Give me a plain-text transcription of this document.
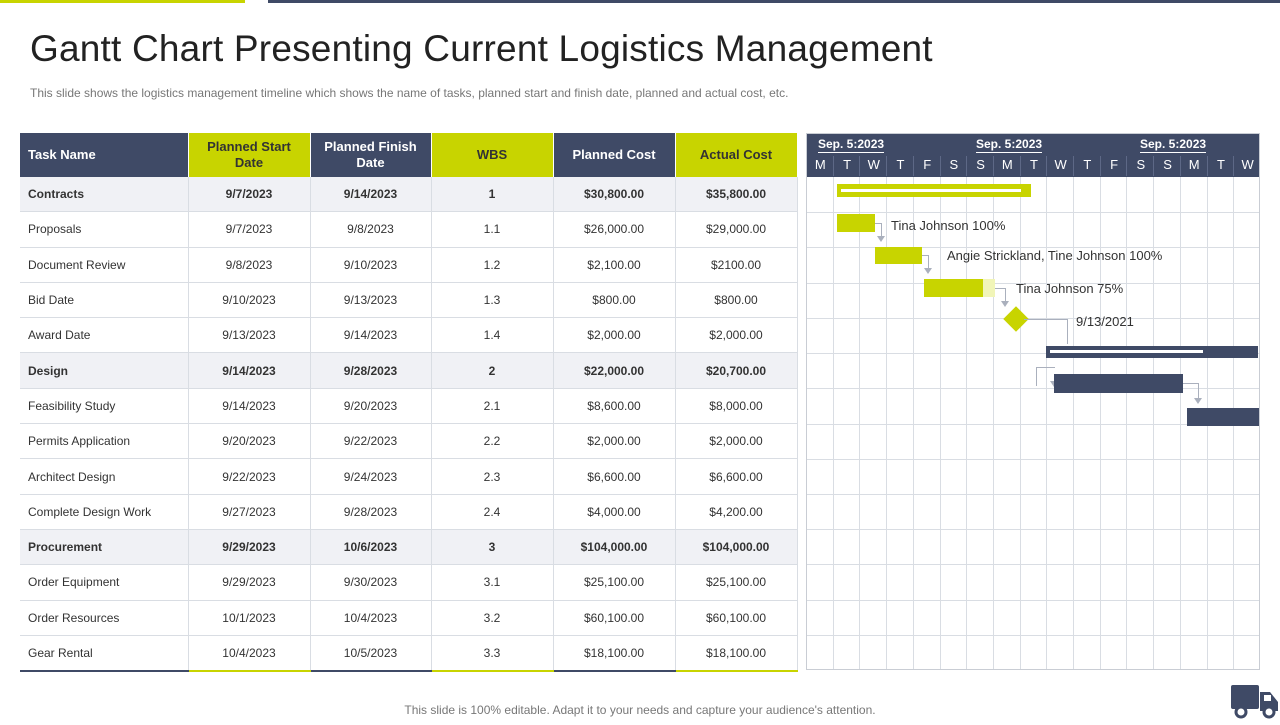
Gantt Chart Presenting Current Logistics Management
This slide shows the logistics management timeline which shows the name of tasks, planned start and finish date, planned and actual cost, etc.
Task Name	Planned Start Date	Planned Finish Date	WBS	Planned Cost	Actual Cost
Contracts	9/7/2023	9/14/2023	1	$30,800.00	$35,800.00
Proposals	9/7/2023	9/8/2023	1.1	$26,000.00	$29,000.00
Document Review	9/8/2023	9/10/2023	1.2	$2,100.00	$2100.00
Bid Date	9/10/2023	9/13/2023	1.3	$800.00	$800.00
Award Date	9/13/2023	9/14/2023	1.4	$2,000.00	$2,000.00
Design	9/14/2023	9/28/2023	2	$22,000.00	$20,700.00
Feasibility Study	9/14/2023	9/20/2023	2.1	$8,600.00	$8,000.00
Permits Application	9/20/2023	9/22/2023	2.2	$2,000.00	$2,000.00
Architect Design	9/22/2023	9/24/2023	2.3	$6,600.00	$6,600.00
Complete Design Work	9/27/2023	9/28/2023	2.4	$4,000.00	$4,200.00
Procurement	9/29/2023	10/6/2023	3	$104,000.00	$104,000.00
Order Equipment	9/29/2023	9/30/2023	3.1	$25,100.00	$25,100.00
Order Resources	10/1/2023	10/4/2023	3.2	$60,100.00	$60,100.00
Gear Rental	10/4/2023	10/5/2023	3.3	$18,100.00	$18,100.00
Sep. 5:2023	Sep. 5:2023	Sep. 5:2023
M	T	W	T	F	S	S	M	T	W	T	F	S	S	M	T	W
Tina Johnson 100%
Angie Strickland, Tine Johnson 100%
Tina Johnson 75%
9/13/2021
This slide is 100% editable. Adapt it to your needs and capture your audience's attention.
